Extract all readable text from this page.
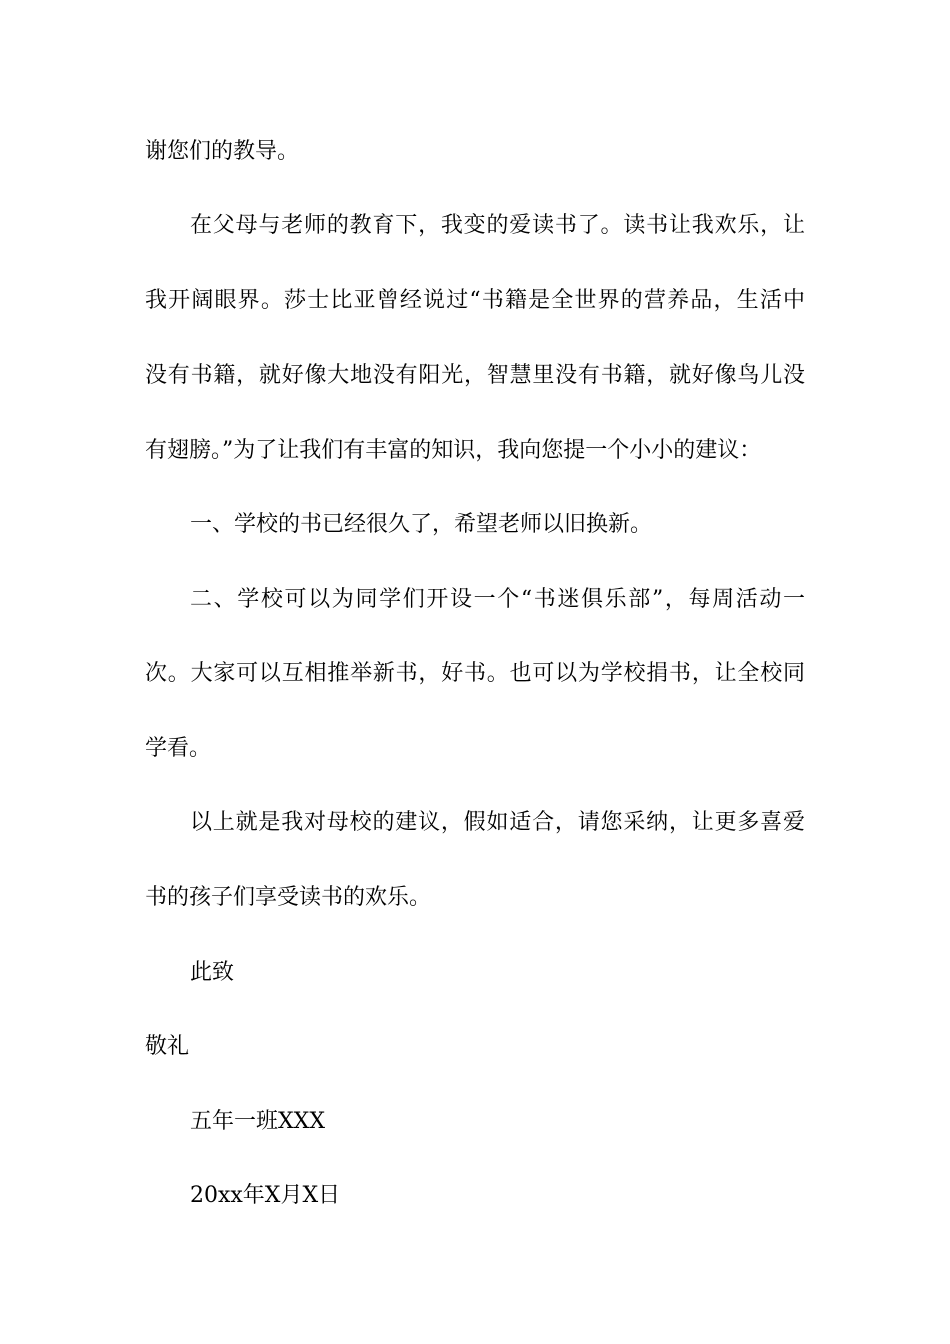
谢您们的教导。
在父母与老师的教育下，我变的爱读书了。读书让我欢乐，让
我开阔眼界。莎士比亚曾经说过“书籍是全世界的营养品，生活中
没有书籍，就好像大地没有阳光，智慧里没有书籍，就好像鸟儿没
有翅膀。”为了让我们有丰富的知识，我向您提一个小小的建议：
一、学校的书已经很久了，希望老师以旧换新。
二、学校可以为同学们开设一个“书迷俱乐部”，每周活动一
次。大家可以互相推举新书，好书。也可以为学校捐书，让全校同
学看。
以上就是我对母校的建议，假如适合，请您采纳，让更多喜爱
书的孩子们享受读书的欢乐。
此致
敬礼
五年一班XXX
20xx年X月X日
